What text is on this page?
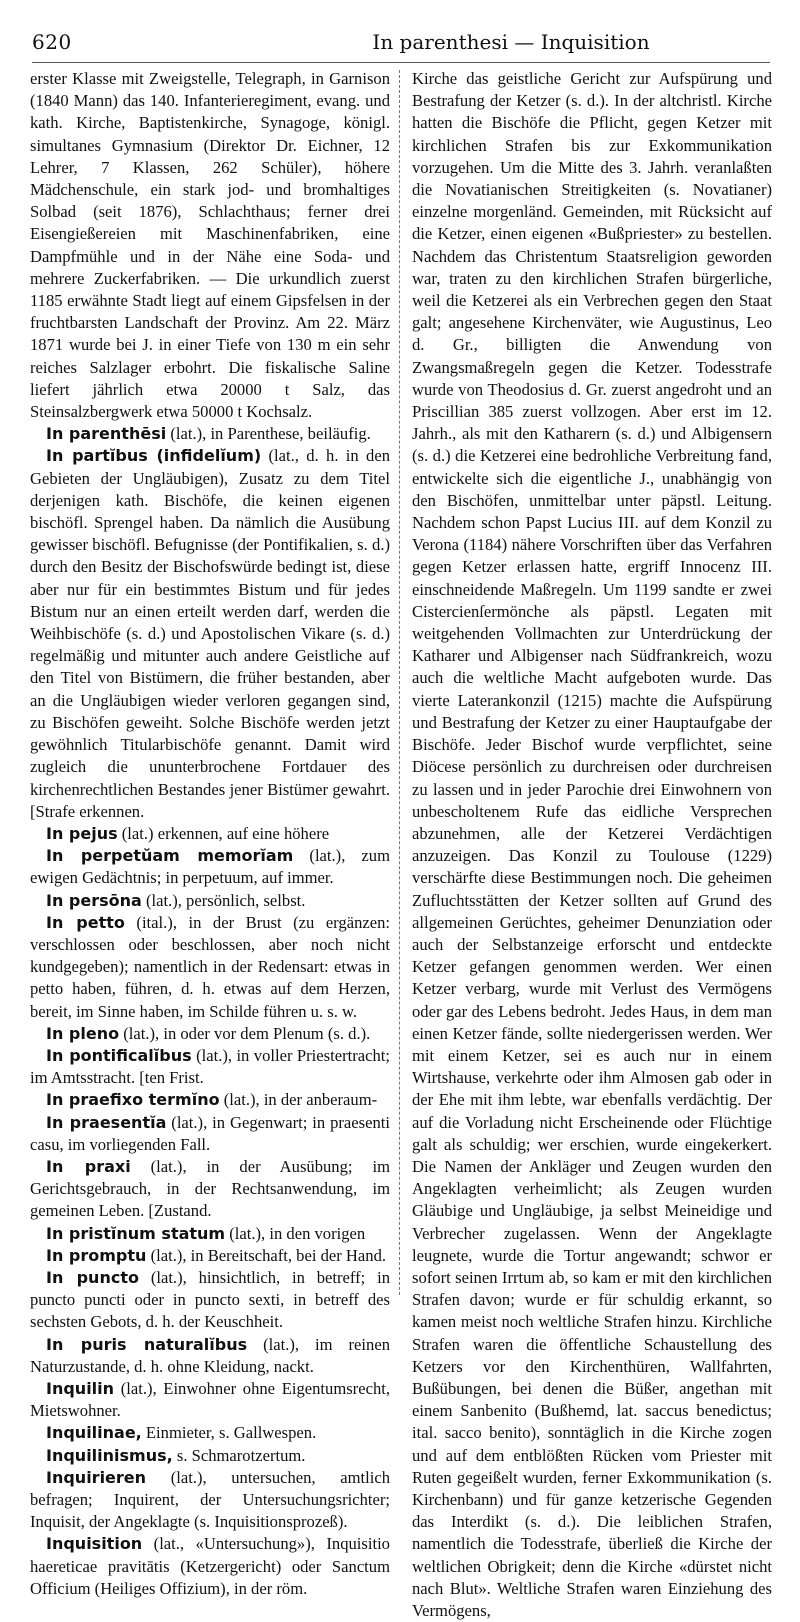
620	In parenthesi — Inquisition

erster Klasse mit Zweigstelle, Telegraph, in Garnison (1840 Mann) das 140. Infanterieregiment, evang. und kath. Kirche, Baptistenkirche, Synagoge, königl. simultanes Gymnasium (Direktor Dr. Eichner, 12 Lehrer, 7 Klassen, 262 Schüler), höhere Mädchenschule, ein stark jod- und bromhaltiges Solbad (seit 1876), Schlachthaus; ferner drei Eisengießereien mit Maschinenfabriken, eine Dampfmühle und in der Nähe eine Soda- und mehrere Zuckerfabriken. — Die urkundlich zuerst 1185 erwähnte Stadt liegt auf einem Gipsfelsen in der fruchtbarsten Landschaft der Provinz. Am 22. März 1871 wurde bei J. in einer Tiefe von 130 m ein sehr reiches Salzlager erbohrt. Die fiskalische Saline liefert jährlich etwa 20000 t Salz, das Steinsalzbergwerk etwa 50000 t Kochsalz.

In parenthēsi (lat.), in Parenthese, beiläufig.

In partĭbus (infidelĭum) (lat., d. h. in den Gebieten der Ungläubigen), Zusatz zu dem Titel derjenigen kath. Bischöfe, die keinen eigenen bischöfl. Sprengel haben. Da nämlich die Ausübung gewisser bischöfl. Befugnisse (der Pontifikalien, s. d.) durch den Besitz der Bischofswürde bedingt ist, diese aber nur für ein bestimmtes Bistum und für jedes Bistum nur an einen erteilt werden darf, werden die Weihbischöfe (s. d.) und Apostolischen Vikare (s. d.) regelmäßig und mitunter auch andere Geistliche auf den Titel von Bistümern, die früher bestanden, aber an die Ungläubigen wieder verloren gegangen sind, zu Bischöfen geweiht. Solche Bischöfe werden jetzt gewöhnlich Titularbischöfe genannt. Damit wird zugleich die ununterbrochene Fortdauer des kirchenrechtlichen Bestandes jener Bistümer gewahrt. [Strafe erkennen.

In pejus (lat.) erkennen, auf eine höhere

In perpetŭam memorĭam (lat.), zum ewigen Gedächtnis; in perpetuum, auf immer.

In persōna (lat.), persönlich, selbst.

In petto (ital.), in der Brust (zu ergänzen: verschlossen oder beschlossen, aber noch nicht kundgegeben); namentlich in der Redensart: etwas in petto haben, führen, d. h. etwas auf dem Herzen, bereit, im Sinne haben, im Schilde führen u. s. w.

In pleno (lat.), in oder vor dem Plenum (s. d.).

In pontificalĭbus (lat.), in voller Priestertracht; im Amtsstracht. [ten Frist.

In praefixo termĭno (lat.), in der anberaum-

In praesentĭa (lat.), in Gegenwart; in praesenti casu, im vorliegenden Fall.

In praxi (lat.), in der Ausübung; im Gerichtsgebrauch, in der Rechtsanwendung, im gemeinen Leben. [Zustand.

In pristĭnum statum (lat.), in den vorigen

In promptu (lat.), in Bereitschaft, bei der Hand.

In puncto (lat.), hinsichtlich, in betreff; in puncto puncti oder in puncto sexti, in betreff des sechsten Gebots, d. h. der Keuschheit.

In puris naturalĭbus (lat.), im reinen Naturzustande, d. h. ohne Kleidung, nackt.

Inquilin (lat.), Einwohner ohne Eigentumsrecht, Mietswohner.

Inquilinae, Einmieter, s. Gallwespen.

Inquilinismus, s. Schmarotzertum.

Inquirieren (lat.), untersuchen, amtlich befragen; Inquirent, der Untersuchungsrichter; Inquisit, der Angeklagte (s. Inquisitionsprozeß).

Inquisition (lat., «Untersuchung»), Inquisitio haereticae pravitātis (Ketzergericht) oder Sanctum Officium (Heiliges Offizium), in der röm.

Kirche das geistliche Gericht zur Aufspürung und Bestrafung der Ketzer (s. d.). In der altchristl. Kirche hatten die Bischöfe die Pflicht, gegen Ketzer mit kirchlichen Strafen bis zur Exkommunikation vorzugehen. Um die Mitte des 3. Jahrh. veranlaßten die Novatianischen Streitigkeiten (s. Novatianer) einzelne morgenländ. Gemeinden, mit Rücksicht auf die Ketzer, einen eigenen «Bußpriester» zu bestellen. Nachdem das Christentum Staatsreligion geworden war, traten zu den kirchlichen Strafen bürgerliche, weil die Ketzerei als ein Verbrechen gegen den Staat galt; angesehene Kirchenväter, wie Augustinus, Leo d. Gr., billigten die Anwendung von Zwangsmaßregeln gegen die Ketzer. Todesstrafe wurde von Theodosius d. Gr. zuerst angedroht und an Priscillian 385 zuerst vollzogen. Aber erst im 12. Jahrh., als mit den Katharern (s. d.) und Albigensern (s. d.) die Ketzerei eine bedrohliche Verbreitung fand, entwickelte sich die eigentliche J., unabhängig von den Bischöfen, unmittelbar unter päpstl. Leitung. Nachdem schon Papst Lucius III. auf dem Konzil zu Verona (1184) nähere Vorschriften über das Verfahren gegen Ketzer erlassen hatte, ergriff Innocenz III. einschneidende Maßregeln. Um 1199 sandte er zwei Cistercienſermönche als päpstl. Legaten mit weitgehenden Vollmachten zur Unterdrückung der Katharer und Albigenser nach Südfrankreich, wozu auch die weltliche Macht aufgeboten wurde. Das vierte Laterankonzil (1215) machte die Aufspürung und Bestrafung der Ketzer zu einer Hauptaufgabe der Bischöfe. Jeder Bischof wurde verpflichtet, seine Diöcese persönlich zu durchreisen oder durchreisen zu lassen und in jeder Parochie drei Einwohnern von unbescholtenem Rufe das eidliche Versprechen abzunehmen, alle der Ketzerei Verdächtigen anzuzeigen. Das Konzil zu Toulouse (1229) verschärfte diese Bestimmungen noch. Die geheimen Zufluchtsstätten der Ketzer sollten auf Grund des allgemeinen Gerüchtes, geheimer Denunziation oder auch der Selbstanzeige erforscht und entdeckte Ketzer gefangen genommen werden. Wer einen Ketzer verbarg, wurde mit Verlust des Vermögens oder gar des Lebens bedroht. Jedes Haus, in dem man einen Ketzer fände, sollte niedergerissen werden. Wer mit einem Ketzer, sei es auch nur in einem Wirtshause, verkehrte oder ihm Almosen gab oder in der Ehe mit ihm lebte, war ebenfalls verdächtig. Der auf die Vorladung nicht Erscheinende oder Flüchtige galt als schuldig; wer erschien, wurde eingekerkert. Die Namen der Ankläger und Zeugen wurden den Angeklagten verheimlicht; als Zeugen wurden Gläubige und Ungläubige, ja selbst Meineidige und Verbrecher zugelassen. Wenn der Angeklagte leugnete, wurde die Tortur angewandt; schwor er sofort seinen Irrtum ab, so kam er mit den kirchlichen Strafen davon; wurde er für schuldig erkannt, so kamen meist noch weltliche Strafen hinzu. Kirchliche Strafen waren die öffentliche Schaustellung des Ketzers vor den Kirchenthüren, Wallfahrten, Bußübungen, bei denen die Büßer, angethan mit einem Sanbenito (Bußhemd, lat. saccus benedictus; ital. sacco benito), sonntäglich in die Kirche zogen und auf dem entblößten Rücken vom Priester mit Ruten gegeißelt wurden, ferner Exkommunikation (s. Kirchenbann) und für ganze ketzerische Gegenden das Interdikt (s. d.). Die leiblichen Strafen, namentlich die Todesstrafe, überließ die Kirche der weltlichen Obrigkeit; denn die Kirche «dürstet nicht nach Blut». Weltliche Strafen waren Einziehung des Vermögens,
